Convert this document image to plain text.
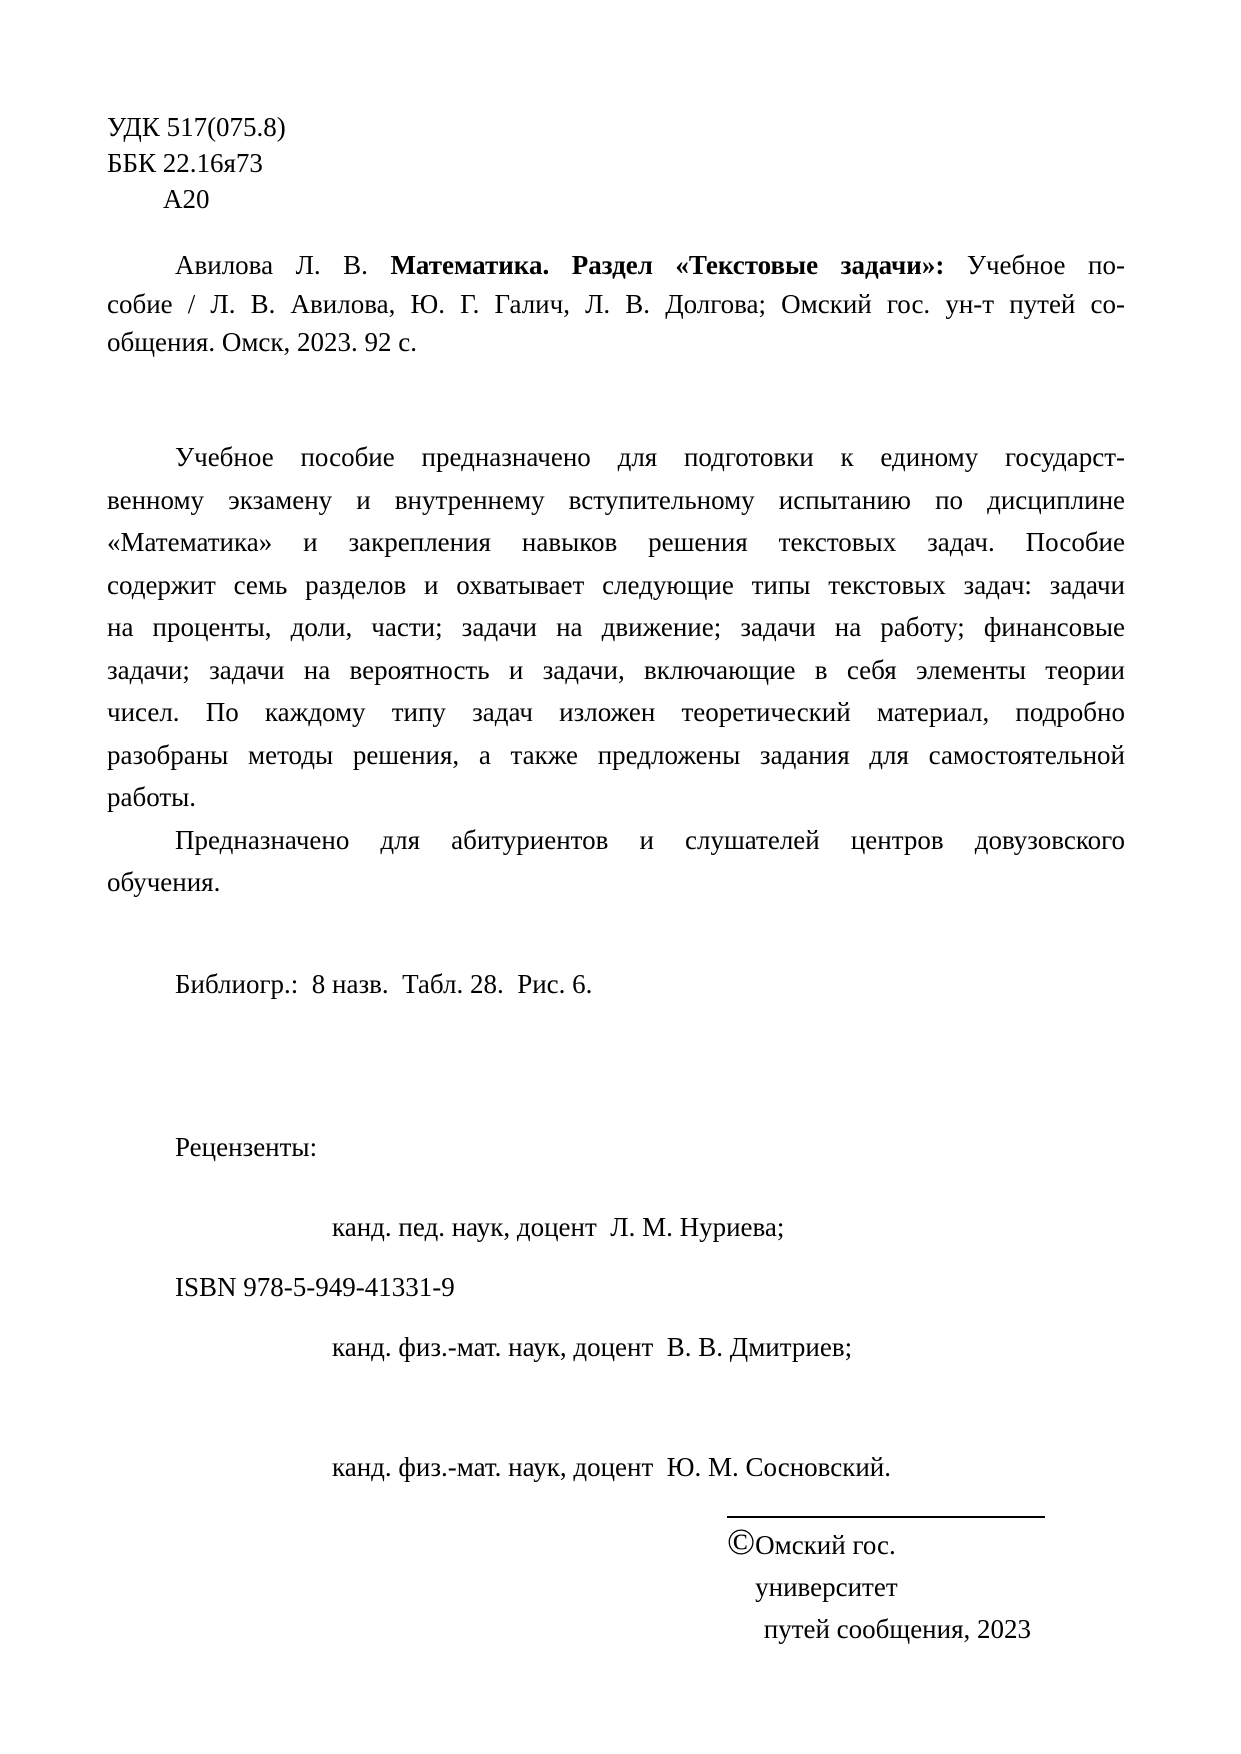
УДК 517(075.8)
ББК 22.16я73
А20
Авилова Л. В. Математика. Раздел «Текстовые задачи»: Учебное по-
собие / Л. В. Авилова, Ю. Г. Галич, Л. В. Долгова; Омский гос. ун-т путей со-
общения. Омск, 2023. 92 с.
Учебное пособие предназначено для подготовки к единому государст-
венному экзамену и внутреннему вступительному испытанию по дисциплине
«Математика» и закрепления навыков решения текстовых задач. Пособие
содержит семь разделов и охватывает следующие типы текстовых задач: задачи
на проценты, доли, части; задачи на движение; задачи на работу; финансовые
задачи; задачи на вероятность и задачи, включающие в себя элементы теории
чисел. По каждому типу задач изложен теоретический материал, подробно
разобраны методы решения, а также предложены задания для самостоятельной
работы.
Предназначено для абитуриентов и слушателей центров довузовского
обучения.
Библиогр.:  8 назв.  Табл. 28.  Рис. 6.
Рецензенты:

канд. пед. наук, доцент  Л. М. Нуриева;

канд. физ.-мат. наук, доцент  В. В. Дмитриев;

канд. физ.-мат. наук, доцент  Ю. М. Сосновский.

ISBN 978-5-949-41331-9
© Омский гос. университет
путей сообщения, 2023
